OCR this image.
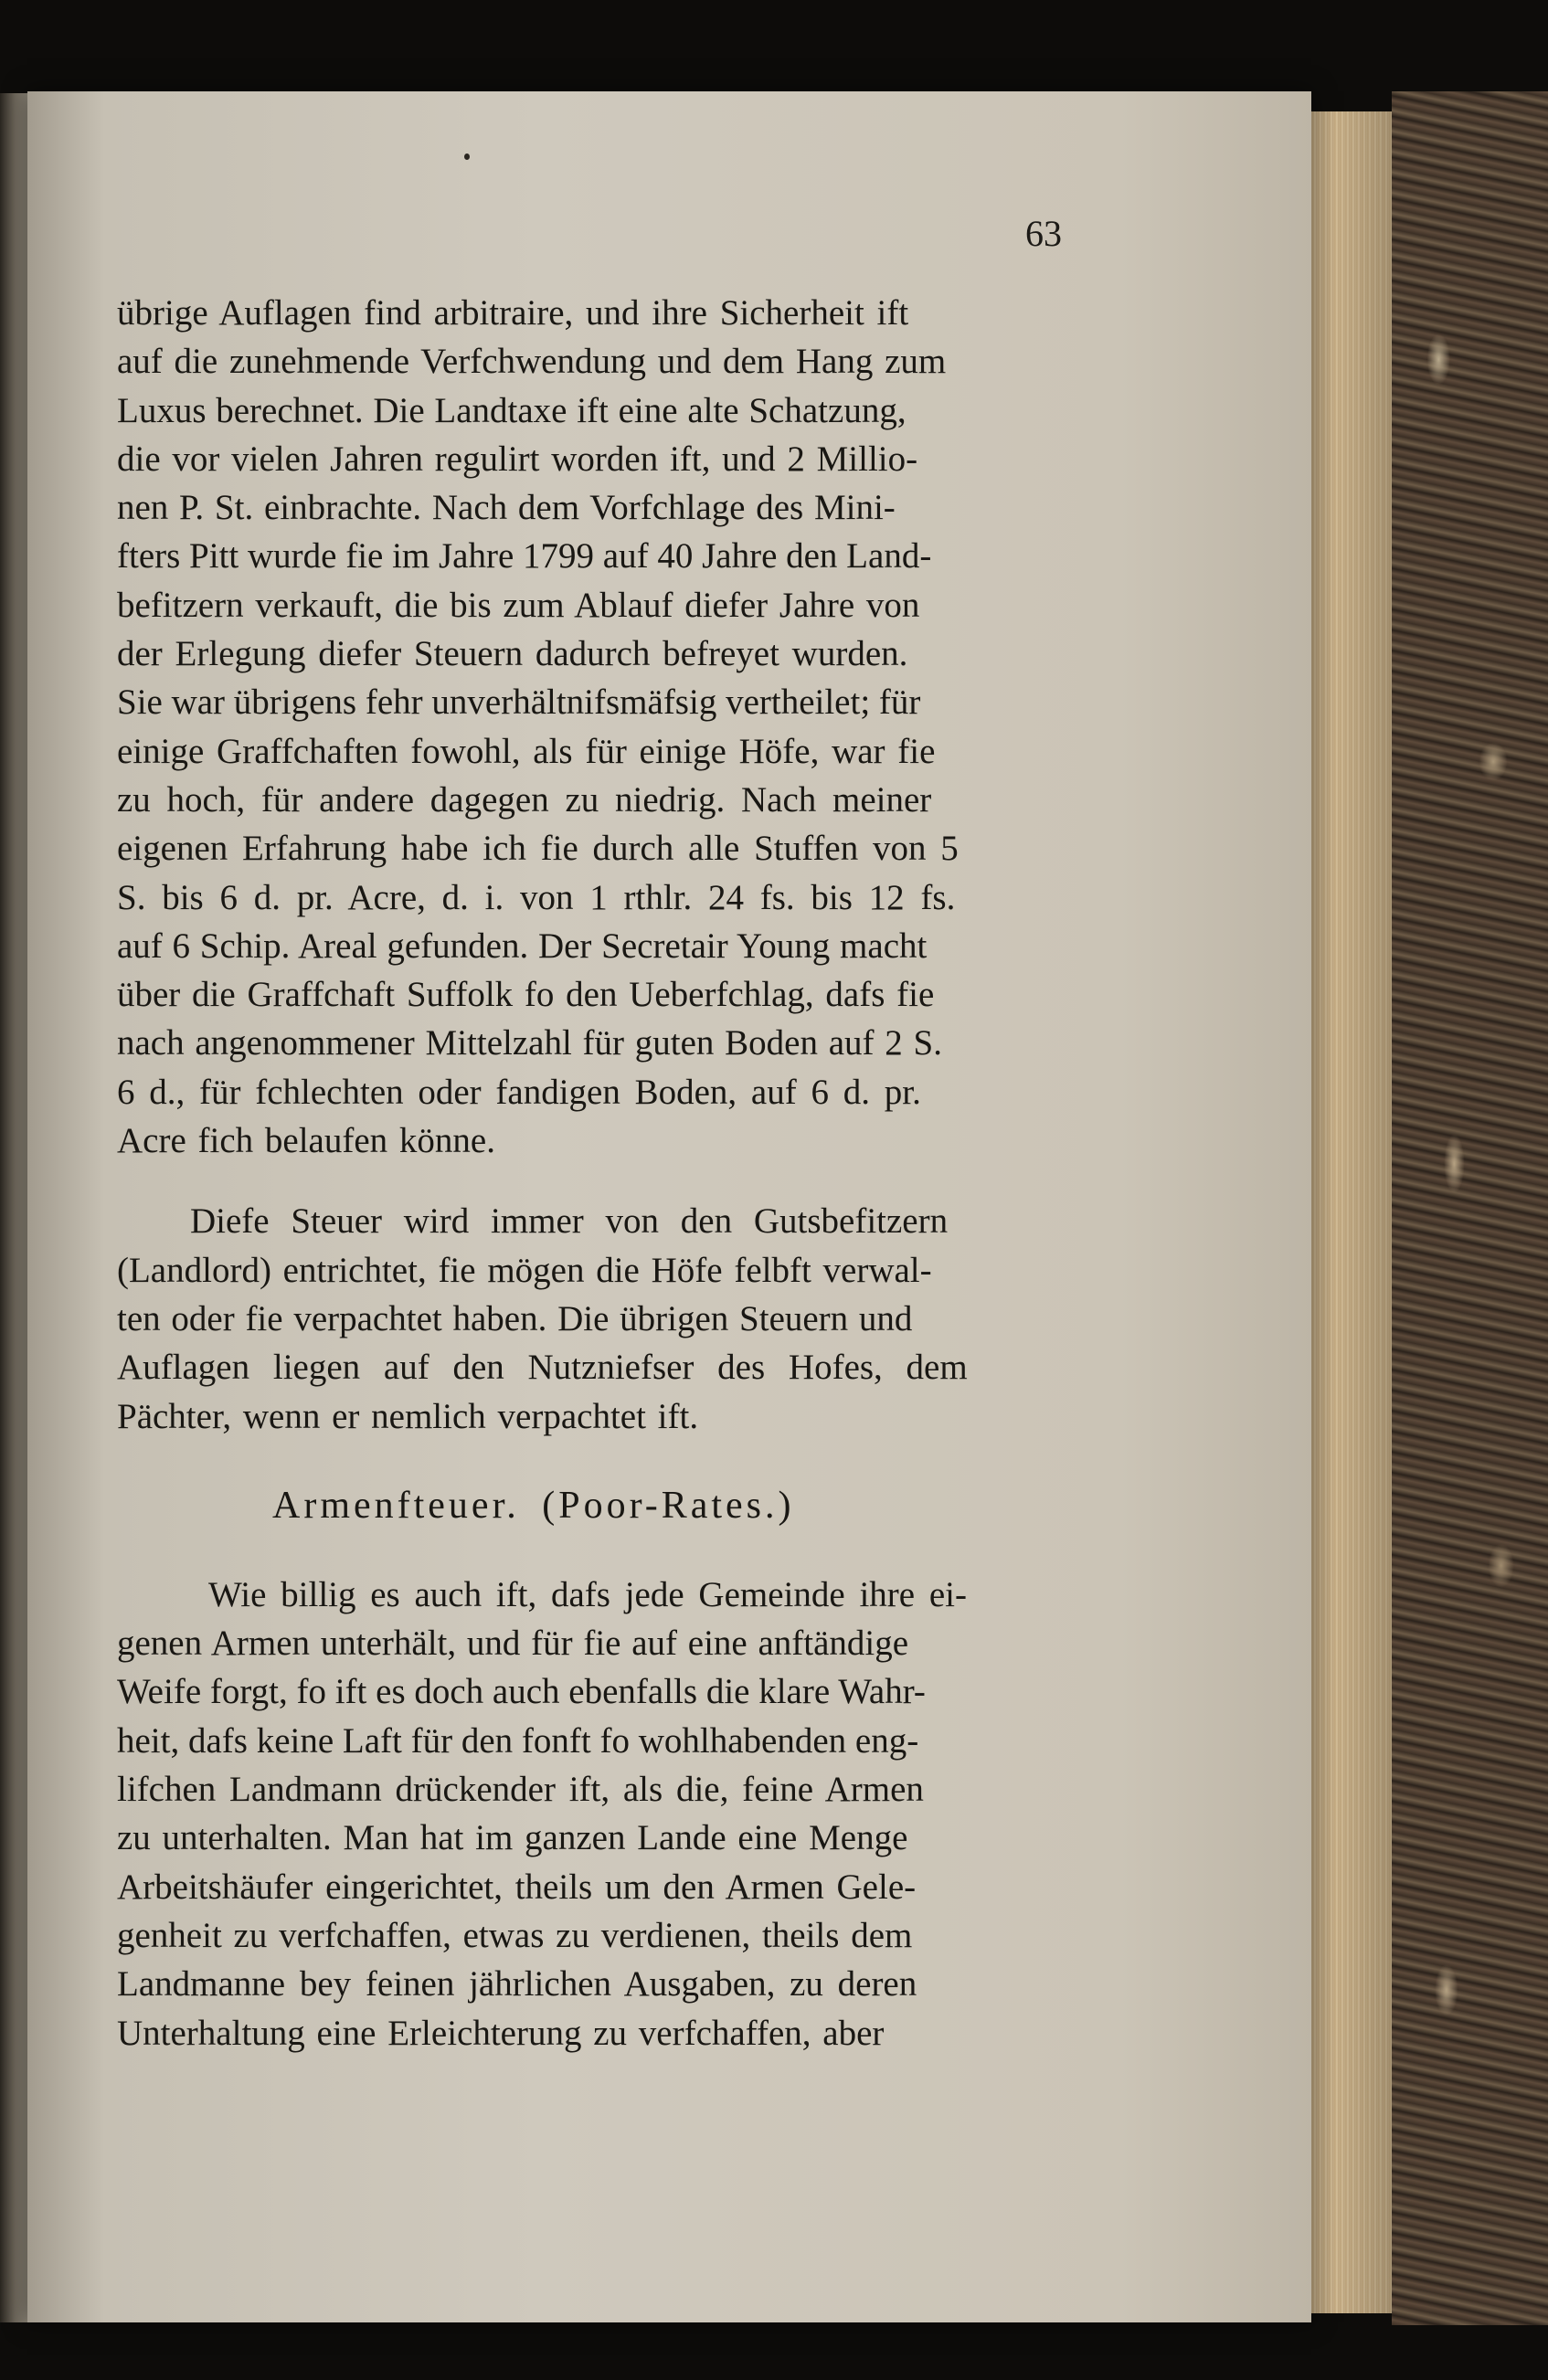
63
übrige Auflagen find arbitraire, und ihre Sicherheit ift
auf die zunehmende Verfchwendung und dem Hang zum
Luxus berechnet. Die Landtaxe ift eine alte Schatzung,
die vor vielen Jahren regulirt worden ift, und 2 Millio-
nen P. St. einbrachte. Nach dem Vorfchlage des Mini-
fters Pitt wurde fie im Jahre 1799 auf 40 Jahre den Land-
befitzern verkauft, die bis zum Ablauf diefer Jahre von
der Erlegung diefer Steuern dadurch befreyet wurden.
Sie war übrigens fehr unverhältnifsmäfsig vertheilet; für
einige Graffchaften fowohl, als für einige Höfe, war fie
zu hoch, für andere dagegen zu niedrig. Nach meiner
eigenen Erfahrung habe ich fie durch alle Stuffen von 5
S. bis 6 d. pr. Acre, d. i. von 1 rthlr. 24 fs. bis 12 fs.
auf 6 Schip. Areal gefunden. Der Secretair Young macht
über die Graffchaft Suffolk fo den Ueberfchlag, dafs fie
nach angenommener Mittelzahl für guten Boden auf 2 S.
6 d., für fchlechten oder fandigen Boden, auf 6 d. pr.
Acre fich belaufen könne.
Diefe Steuer wird immer von den Gutsbefitzern
(Landlord) entrichtet, fie mögen die Höfe felbft verwal-
ten oder fie verpachtet haben. Die übrigen Steuern und
Auflagen liegen auf den Nutzniefser des Hofes, dem
Pächter, wenn er nemlich verpachtet ift.
Armenfteuer. (Poor-Rates.)
Wie billig es auch ift, dafs jede Gemeinde ihre ei-
genen Armen unterhält, und für fie auf eine anftändige
Weife forgt, fo ift es doch auch ebenfalls die klare Wahr-
heit, dafs keine Laft für den fonft fo wohlhabenden eng-
lifchen Landmann drückender ift, als die, feine Armen
zu unterhalten. Man hat im ganzen Lande eine Menge
Arbeitshäufer eingerichtet, theils um den Armen Gele-
genheit zu verfchaffen, etwas zu verdienen, theils dem
Landmanne bey feinen jährlichen Ausgaben, zu deren
Unterhaltung eine Erleichterung zu verfchaffen, aber
